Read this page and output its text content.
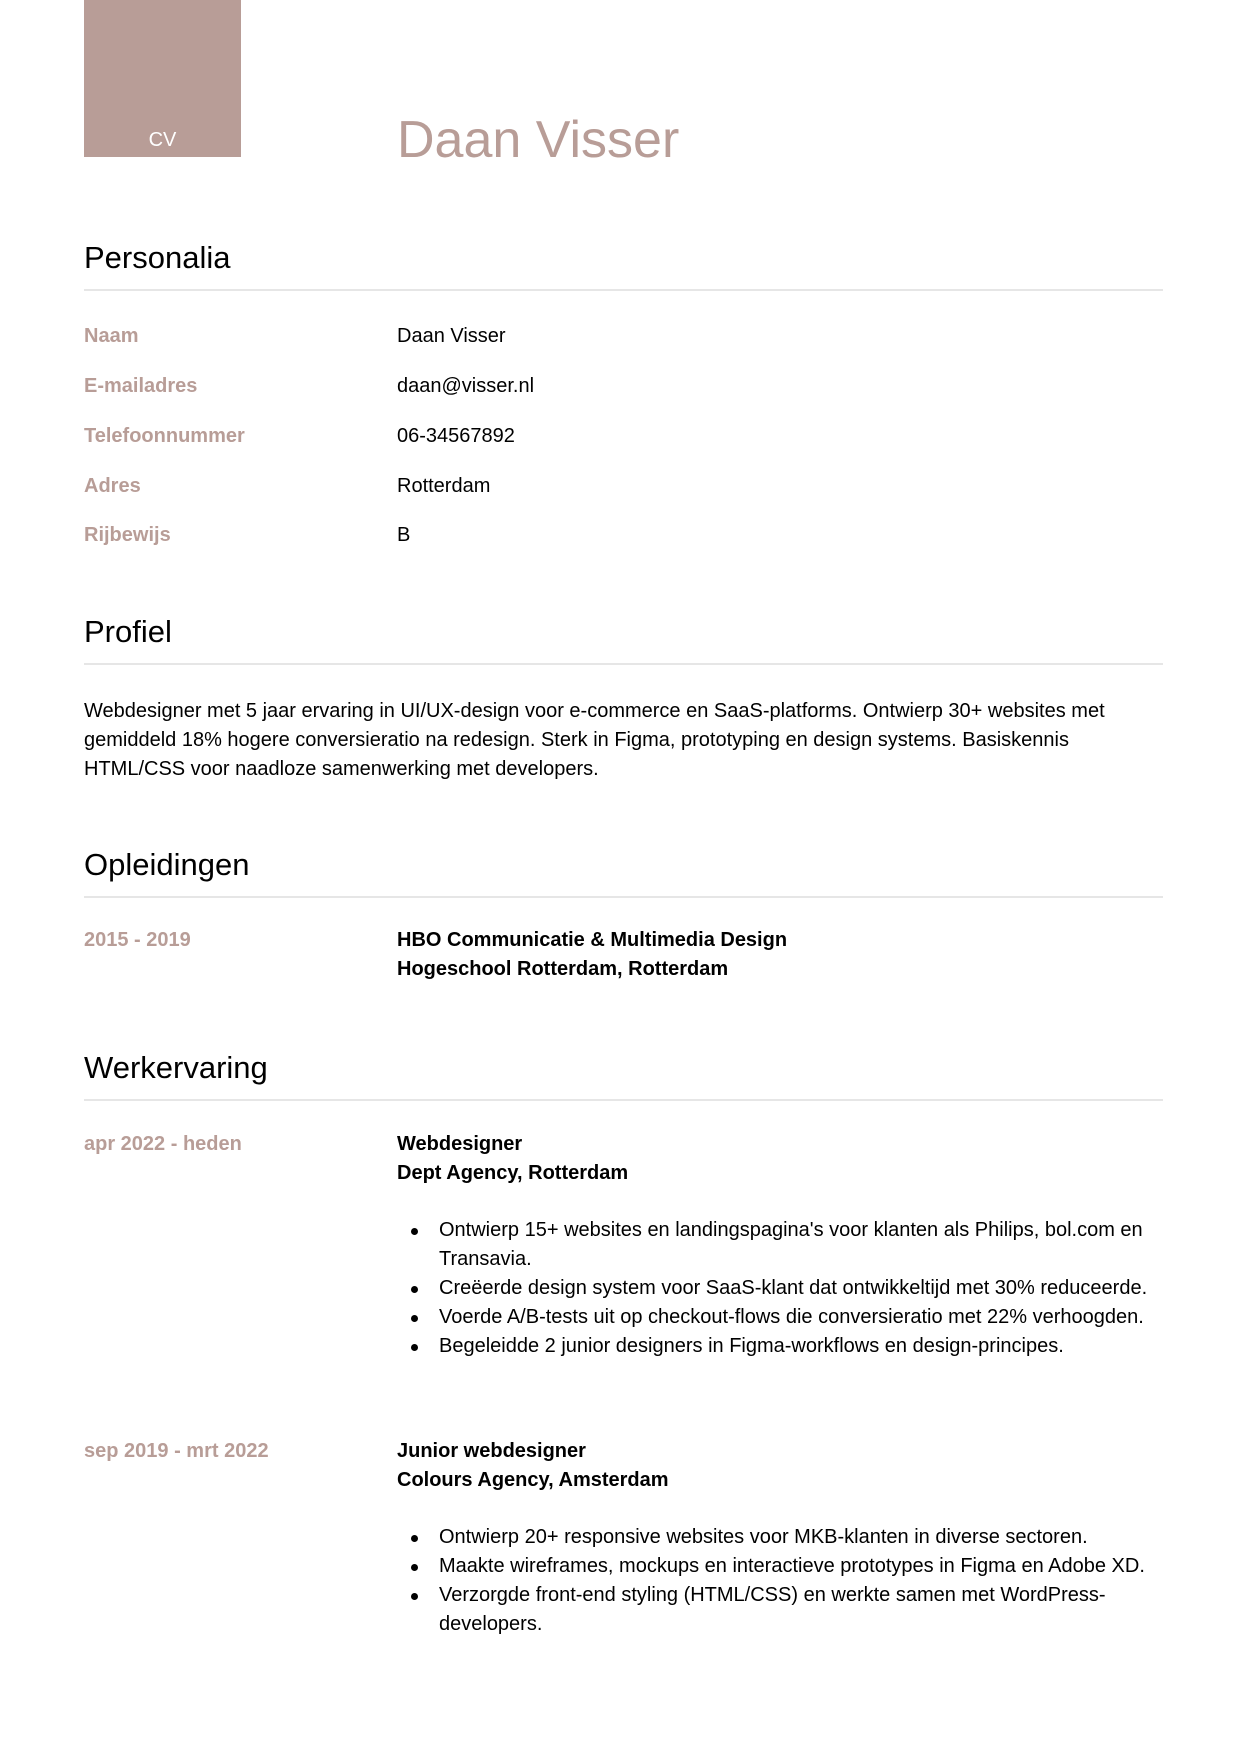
CV	Daan Visser
Personalia
Naam	Daan Visser
E-mailadres	daan@visser.nl
Telefoonnummer	06-34567892
Adres	Rotterdam
Rijbewijs	B
Profiel

Webdesigner met 5 jaar ervaring in UI/UX-design voor e-commerce en SaaS-platforms. Ontwierp 30+ websites met gemiddeld 18% hogere conversieratio na redesign. Sterk in Figma, prototyping en design systems. Basiskennis HTML/CSS voor naadloze samenwerking met developers.

Opleidingen
2015 - 2019	HBO Communicatie & Multimedia Design
Hogeschool Rotterdam, Rotterdam
Werkervaring
apr 2022 - heden	Webdesigner
Dept Agency, Rotterdam
Ontwierp 15+ websites en landingspagina's voor klanten als Philips, bol.com en Transavia.
Creëerde design system voor SaaS-klant dat ontwikkeltijd met 30% reduceerde.
Voerde A/B-tests uit op checkout-flows die conversieratio met 22% verhoogden.
Begeleidde 2 junior designers in Figma-workflows en design-principes.
sep 2019 - mrt 2022	Junior webdesigner
Colours Agency, Amsterdam
Ontwierp 20+ responsive websites voor MKB-klanten in diverse sectoren.
Maakte wireframes, mockups en interactieve prototypes in Figma en Adobe XD.
Verzorgde front-end styling (HTML/CSS) en werkte samen met WordPress-developers.
